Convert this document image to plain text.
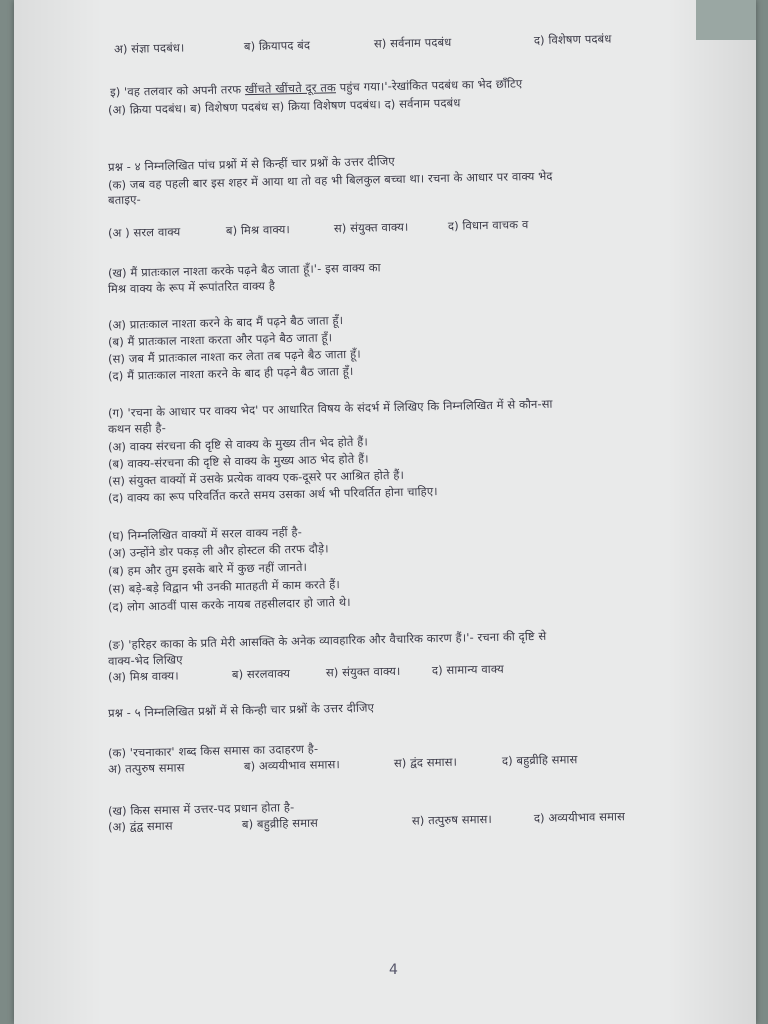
अ) संज्ञा पदबंध।	ब) क्रियापद बंद	स) सर्वनाम पदबंध	द) विशेषण पदबंध
इ) 'वह तलवार को अपनी तरफ खींचते खींचते दूर तक पहुंच गया।'-रेखांकित पदबंध का भेद छाँटिए
(अ) क्रिया पदबंध। ब) विशेषण पदबंध स) क्रिया विशेषण पदबंध। द) सर्वनाम पदबंध
प्रश्न - ४ निम्नलिखित पांच प्रश्नों में से किन्हीं चार प्रश्नों के उत्तर दीजिए
(क) जब वह पहली बार इस शहर में आया था तो वह भी बिलकुल बच्चा था। रचना के आधार पर वाक्य भेद
बताइए-
(अ ) सरल वाक्य	ब) मिश्र वाक्य।	स) संयुक्त वाक्य।	द) विधान वाचक व
(ख) मैं प्रातःकाल नाश्ता करके पढ़ने बैठ जाता हूँ।'- इस वाक्य का
मिश्र वाक्य के रूप में रूपांतरित वाक्य है
(अ) प्रातःकाल नाश्ता करने के बाद मैं पढ़ने बैठ जाता हूँ।
(ब) मैं प्रातःकाल नाश्ता करता और पढ़ने बैठ जाता हूँ।
(स) जब मैं प्रातःकाल नाश्ता कर लेता तब पढ़ने बैठ जाता हूँ।
(द) मैं प्रातःकाल नाश्ता करने के बाद ही पढ़ने बैठ जाता हूँ।
(ग) 'रचना के आधार पर वाक्य भेद' पर आधारित विषय के संदर्भ में लिखिए कि निम्नलिखित में से कौन-सा
कथन सही है-
(अ) वाक्य संरचना की दृष्टि से वाक्य के मुख्य तीन भेद होते हैं।
(ब) वाक्य-संरचना की दृष्टि से वाक्य के मुख्य आठ भेद होते हैं।
(स) संयुक्त वाक्यों में उसके प्रत्येक वाक्य एक-दूसरे पर आश्रित होते हैं।
(द) वाक्य का रूप परिवर्तित करते समय उसका अर्थ भी परिवर्तित होना चाहिए।
(घ) निम्नलिखित वाक्यों में सरल वाक्य नहीं है-
(अ) उन्होंने डोर पकड़ ली और होस्टल की तरफ दौड़े।
(ब) हम और तुम इसके बारे में कुछ नहीं जानते।
(स) बड़े-बड़े विद्वान भी उनकी मातहती में काम करते हैं।
(द) लोग आठवीं पास करके नायब तहसीलदार हो जाते थे।
(ङ) 'हरिहर काका के प्रति मेरी आसक्ति के अनेक व्यावहारिक और वैचारिक कारण हैं।'- रचना की दृष्टि से
वाक्य-भेद लिखिए
(अ) मिश्र वाक्य।	ब) सरलवाक्य	स) संयुक्त वाक्य।	द) सामान्य वाक्य
प्रश्न - ५ निम्नलिखित प्रश्नों में से किन्ही चार प्रश्नों के उत्तर दीजिए
(क) 'रचनाकार' शब्द किस समास का उदाहरण है-
अ) तत्पुरुष समास	ब) अव्ययीभाव समास।	स) द्वंद समास।	द) बहुव्रीहि समास
(ख) किस समास में उत्तर-पद प्रधान होता है-
(अ) द्वंद्व समास	ब) बहुव्रीहि समास	स) तत्पुरुष समास।	द) अव्ययीभाव समास
4
